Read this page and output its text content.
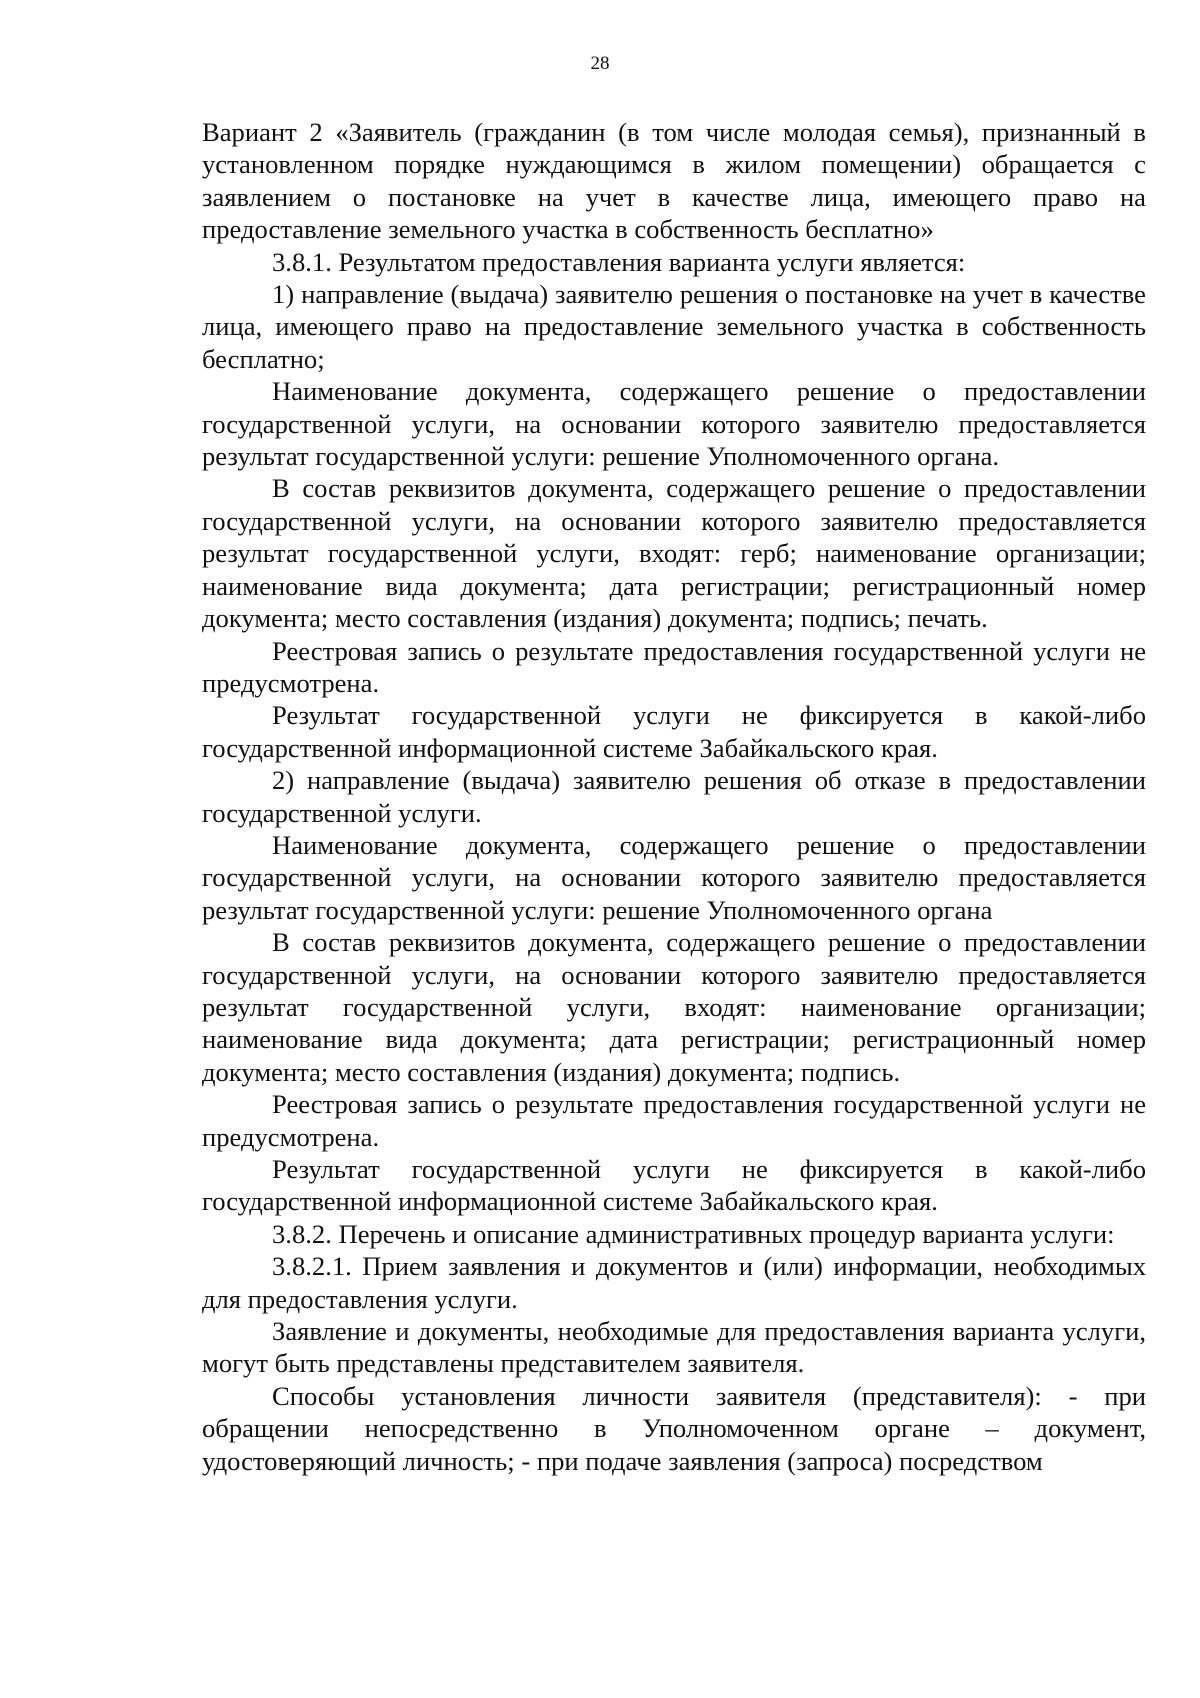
28

Вариант 2 «Заявитель (гражданин (в том числе молодая семья), признанный в установленном порядке нуждающимся в жилом помещении) обращается с заявлением о постановке на учет в качестве лица, имеющего право на предоставление земельного участка в собственность бесплатно»

3.8.1. Результатом предоставления варианта услуги является:

1) направление (выдача) заявителю решения о постановке на учет в качестве лица, имеющего право на предоставление земельного участка в собственность бесплатно;

Наименование документа, содержащего решение о предоставлении государственной услуги, на основании которого заявителю предоставляется результат государственной услуги: решение Уполномоченного органа.

В состав реквизитов документа, содержащего решение о предоставлении государственной услуги, на основании которого заявителю предоставляется результат государственной услуги, входят: герб; наименование организации; наименование вида документа; дата регистрации; регистрационный номер документа; место составления (издания) документа; подпись; печать.

Реестровая запись о результате предоставления государственной услуги не предусмотрена.

Результат государственной услуги не фиксируется в какой-либо государственной информационной системе Забайкальского края.

2) направление (выдача) заявителю решения об отказе в предоставлении государственной услуги.

Наименование документа, содержащего решение о предоставлении государственной услуги, на основании которого заявителю предоставляется результат государственной услуги: решение Уполномоченного органа

В состав реквизитов документа, содержащего решение о предоставлении государственной услуги, на основании которого заявителю предоставляется результат государственной услуги, входят: наименование организации; наименование вида документа; дата регистрации; регистрационный номер документа; место составления (издания) документа; подпись.

Реестровая запись о результате предоставления государственной услуги не предусмотрена.

Результат государственной услуги не фиксируется в какой-либо государственной информационной системе Забайкальского края.

3.8.2. Перечень и описание административных процедур варианта услуги:

3.8.2.1. Прием заявления и документов и (или) информации, необходимых для предоставления услуги.

Заявление и документы, необходимые для предоставления варианта услуги, могут быть представлены представителем заявителя.

Способы установления личности заявителя (представителя): - при обращении непосредственно в Уполномоченном органе – документ, удостоверяющий личность; - при подаче заявления (запроса) посредством
